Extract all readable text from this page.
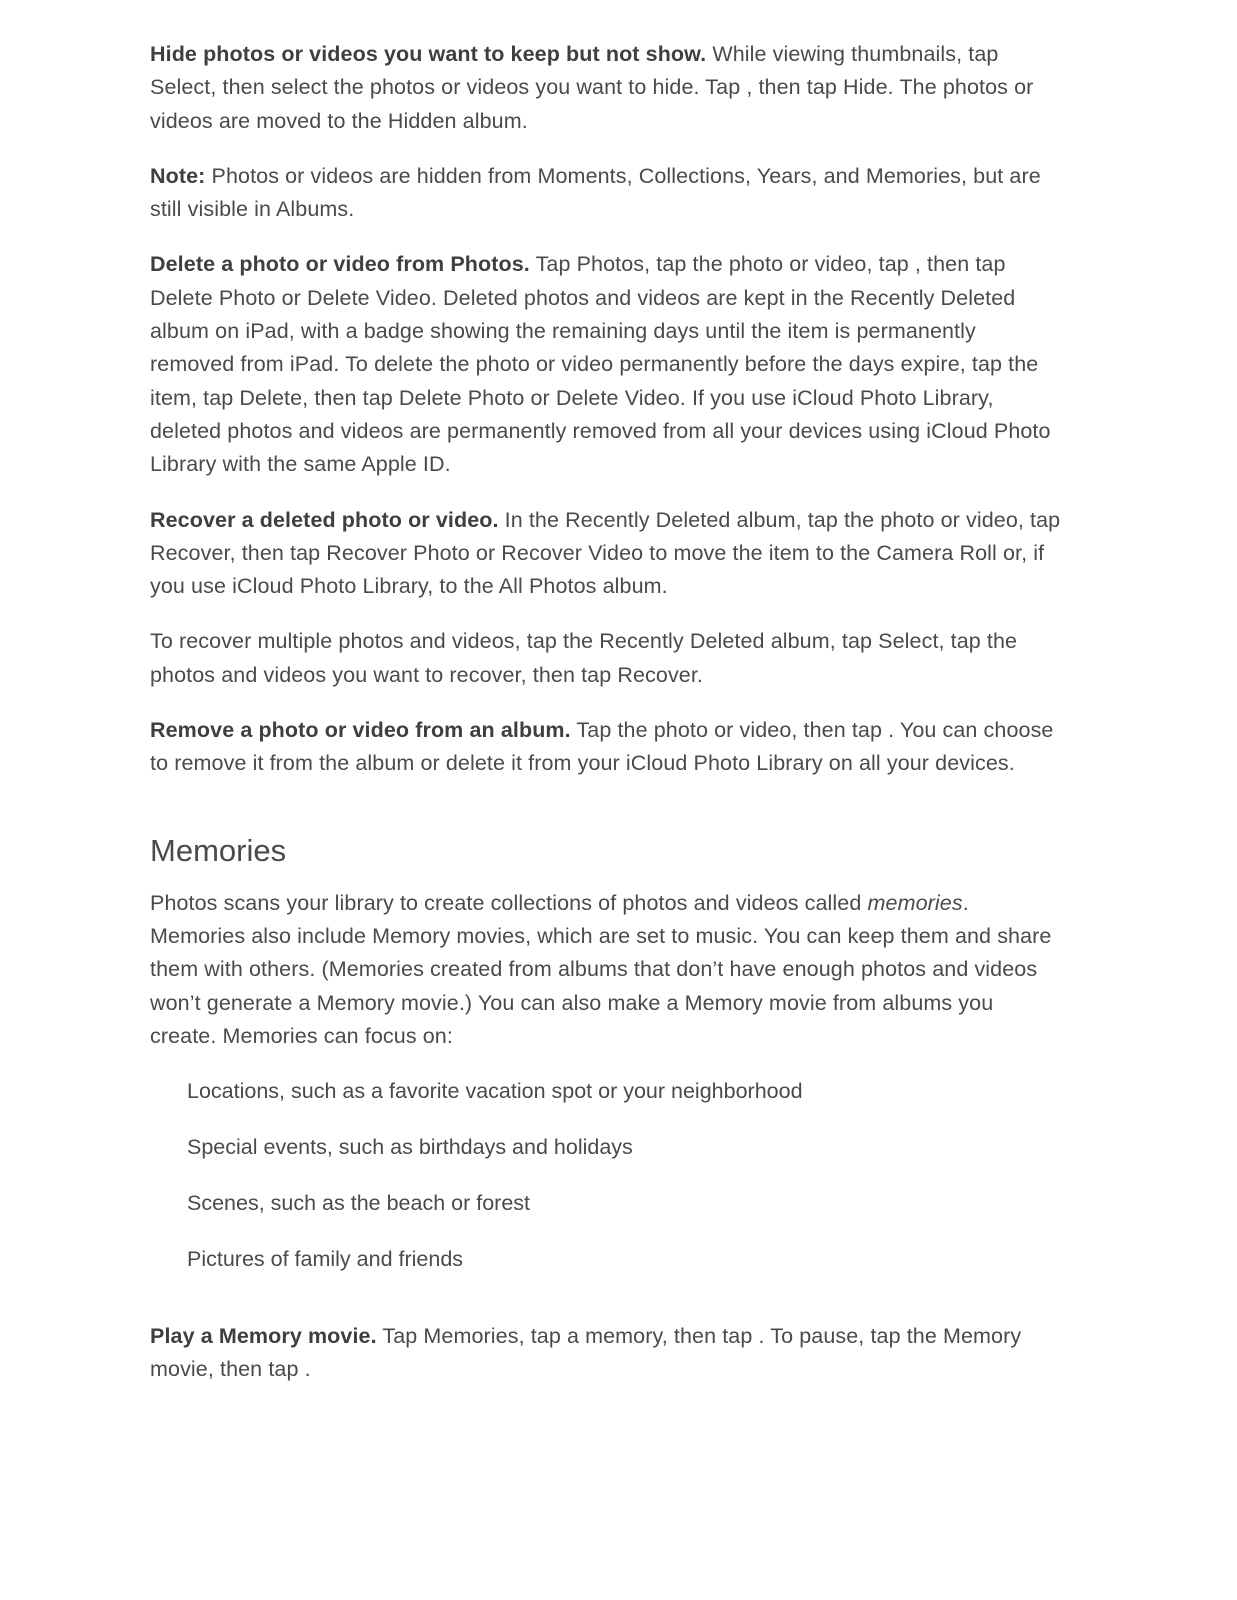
Hide photos or videos you want to keep but not show. While viewing thumbnails, tap Select, then select the photos or videos you want to hide. Tap , then tap Hide. The photos or videos are moved to the Hidden album.

Note: Photos or videos are hidden from Moments, Collections, Years, and Memories, but are still visible in Albums.

Delete a photo or video from Photos. Tap Photos, tap the photo or video, tap , then tap Delete Photo or Delete Video. Deleted photos and videos are kept in the Recently Deleted album on iPad, with a badge showing the remaining days until the item is permanently removed from iPad. To delete the photo or video permanently before the days expire, tap the item, tap Delete, then tap Delete Photo or Delete Video. If you use iCloud Photo Library, deleted photos and videos are permanently removed from all your devices using iCloud Photo Library with the same Apple ID.

Recover a deleted photo or video. In the Recently Deleted album, tap the photo or video, tap Recover, then tap Recover Photo or Recover Video to move the item to the Camera Roll or, if you use iCloud Photo Library, to the All Photos album.

To recover multiple photos and videos, tap the Recently Deleted album, tap Select, tap the photos and videos you want to recover, then tap Recover.

Remove a photo or video from an album. Tap the photo or video, then tap . You can choose to remove it from the album or delete it from your iCloud Photo Library on all your devices.

Memories

Photos scans your library to create collections of photos and videos called memories. Memories also include Memory movies, which are set to music. You can keep them and share them with others. (Memories created from albums that don’t have enough photos and videos won’t generate a Memory movie.) You can also make a Memory movie from albums you create. Memories can focus on:

Locations, such as a favorite vacation spot or your neighborhood
Special events, such as birthdays and holidays
Scenes, such as the beach or forest
Pictures of family and friends

Play a Memory movie. Tap Memories, tap a memory, then tap . To pause, tap the Memory movie, then tap .
